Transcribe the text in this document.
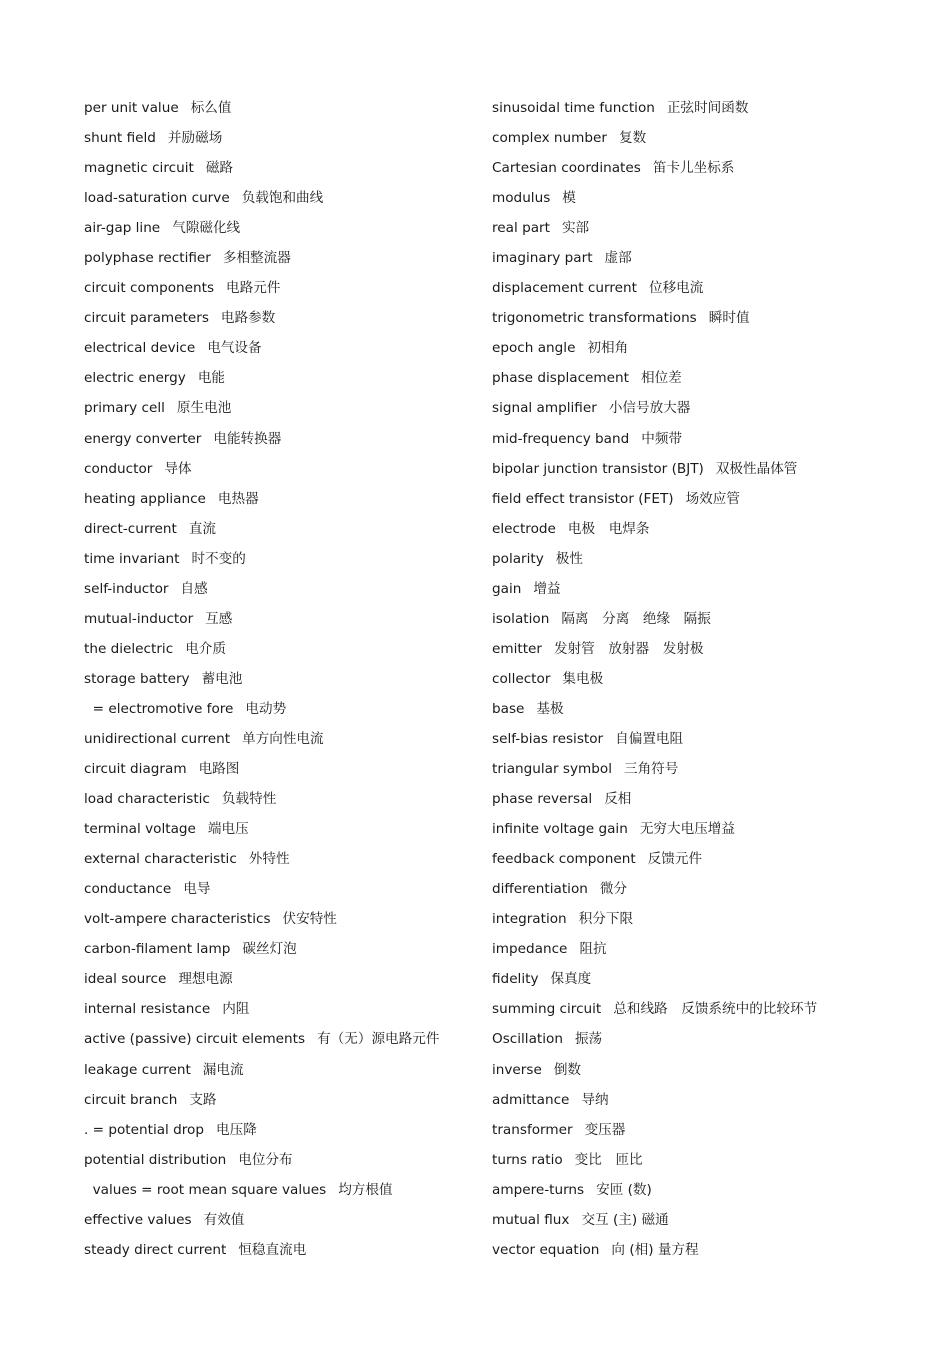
per unit value 标么值
shunt field 并励磁场
magnetic circuit 磁路
load-saturation curve 负载饱和曲线
air-gap line 气隙磁化线
polyphase rectifier 多相整流器
circuit components 电路元件
circuit parameters 电路参数
electrical device 电气设备
electric energy 电能
primary cell 原生电池
energy converter 电能转换器
conductor 导体
heating appliance 电热器
direct-current 直流
time invariant 时不变的
self-inductor 自感
mutual-inductor 互感
the dielectric 电介质
storage battery 蓄电池
= electromotive fore 电动势
unidirectional current 单方向性电流
circuit diagram 电路图
load characteristic 负载特性
terminal voltage 端电压
external characteristic 外特性
conductance 电导
volt-ampere characteristics 伏安特性
carbon-filament lamp 碳丝灯泡
ideal source 理想电源
internal resistance 内阻
active (passive) circuit elements 有（无）源电路元件
leakage current 漏电流
circuit branch 支路
. = potential drop 电压降
potential distribution 电位分布
values = root mean square values 均方根值
effective values 有效值
steady direct current 恒稳直流电
sinusoidal time function 正弦时间函数
complex number 复数
Cartesian coordinates 笛卡儿坐标系
modulus 模
real part 实部
imaginary part 虚部
displacement current 位移电流
trigonometric transformations 瞬时值
epoch angle 初相角
phase displacement 相位差
signal amplifier 小信号放大器
mid-frequency band 中频带
bipolar junction transistor (BJT) 双极性晶体管
field effect transistor (FET) 场效应管
electrode 电极　电焊条
polarity 极性
gain 增益
isolation 隔离　分离　绝缘　隔振
emitter 发射管　放射器　发射极
collector 集电极
base 基极
self-bias resistor 自偏置电阻
triangular symbol 三角符号
phase reversal 反相
infinite voltage gain 无穷大电压增益
feedback component 反馈元件
differentiation 微分
integration 积分下限
impedance 阻抗
fidelity 保真度
summing circuit 总和线路　反馈系统中的比较环节
Oscillation 振荡
inverse 倒数
admittance 导纳
transformer 变压器
turns ratio 变比　匝比
ampere-turns 安匝 (数)
mutual flux 交互 (主) 磁通
vector equation 向 (相) 量方程
